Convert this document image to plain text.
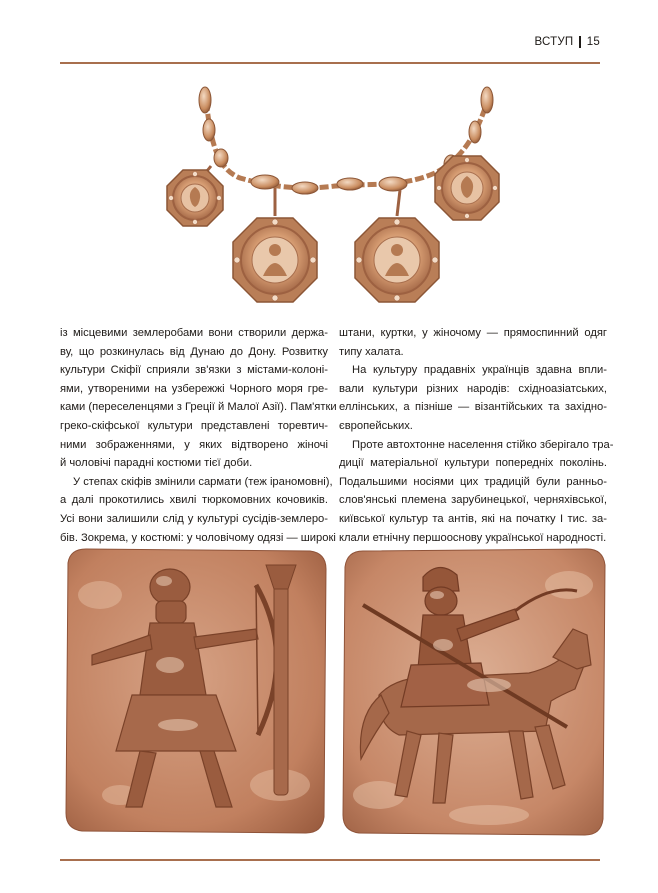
ВСТУП 15
із місцевими землеробами вони створили держа-
ву, що розкинулась від Дунаю до Дону. Розвитку
культури Скіфії сприяли зв'язки з містами-колоні-
ями, утвореними на узбережжі Чорного моря гре-
ками (переселенцями з Греції й Малої Азії). Пам'ятки
греко-скіфської культури представлені торевтич-
ними зображеннями, у яких відтворено жіночі
й чоловічі парадні костюми тієї доби.
У степах скіфів змінили сармати (теж іраномовні),
а далі прокотились хвилі тюркомовних кочовиків.
Усі вони залишили слід у культурі сусідів-землеро-
бів. Зокрема, у костюмі: у чоловічому одязі — широкі
штани, куртки, у жіночому — прямоспинний одяг
типу халата.
На культуру прадавніх українців здавна впли-
вали культури різних народів: східноазіатських,
еллінських, а пізніше — візантійських та західно-
європейських.
Проте автохтонне населення стійко зберігало тра-
диції матеріальної культури попередніх поколінь.
Подальшими носіями цих традицій були ранньо-
слов'янські племена зарубинецької, черняхівської,
київської культур та антів, які на початку І тис. за-
клали етнічну першооснову української народності.
